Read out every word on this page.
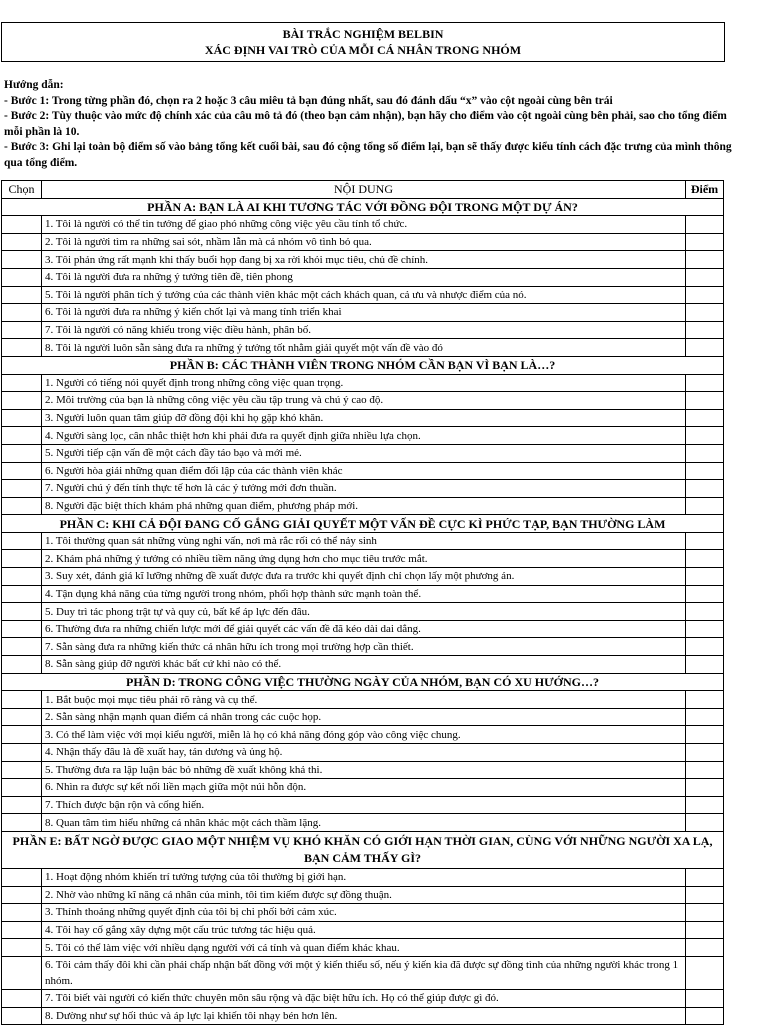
BÀI TRẮC NGHIỆM BELBIN
XÁC ĐỊNH VAI TRÒ CỦA MỖI CÁ NHÂN TRONG NHÓM
Hướng dẫn:
- Bước 1: Trong từng phần đó, chọn ra 2 hoặc 3 câu miêu tả bạn đúng nhất, sau đó đánh dấu “x” vào cột ngoài cùng bên trái
- Bước 2: Tùy thuộc vào mức độ chính xác của câu mô tả đó (theo bạn cảm nhận), bạn hãy cho điểm vào cột ngoài cùng bên phải, sao cho tổng điểm mỗi phần là 10.
- Bước 3: Ghi lại toàn bộ điểm số vào bảng tổng kết cuối bài, sau đó cộng tổng số điểm lại, bạn sẽ thấy được kiểu tính cách đặc trưng của mình thông qua tổng điểm.
Chọn	NỘI DUNG	Điểm
PHẦN A: BẠN LÀ AI KHI TƯƠNG TÁC VỚI ĐỒNG ĐỘI TRONG MỘT DỰ ÁN?		
	1. Tôi là người có thể tin tưởng để giao phó những công việc yêu cầu tính tổ chức.	
	2. Tôi là người tìm ra những sai sót, nhầm lẫn mà cả nhóm vô tình bỏ qua.	
	3. Tôi phản ứng rất mạnh khi thấy buổi họp đang bị xa rời khỏi mục tiêu, chủ đề chính.	
	4. Tôi là người đưa ra những ý tưởng tiên đề, tiên phong	
	5. Tôi là người phân tích ý tưởng của các thành viên khác một cách khách quan, cả ưu và nhược điểm của nó.	
	6. Tôi là người đưa ra những ý kiến chốt lại và mang tính triển khai	
	7. Tôi là người có năng khiếu trong việc điều hành, phân bố.	
	8. Tôi là người luôn sẵn sàng đưa ra những ý tưởng tốt nhằm giải quyết một vấn đề vào đó	
PHẦN B: CÁC THÀNH VIÊN TRONG NHÓM CẦN BẠN VÌ BẠN LÀ…?		
	1. Người có tiếng nói quyết định trong những công việc quan trọng.	
	2. Môi trường của bạn là những công việc yêu cầu tập trung và chú ý cao độ.	
	3. Người luôn quan tâm giúp đỡ đồng đội khi họ gặp khó khăn.	
	4. Người sàng lọc, cân nhắc thiệt hơn khi phải đưa ra quyết định giữa nhiều lựa chọn.	
	5. Người tiếp cận vấn đề một cách đầy táo bạo và mới mẻ.	
	6. Người hòa giải những quan điểm đối lập của các thành viên khác	
	7. Người chú ý đến tính thực tế hơn là các ý tưởng mới đơn thuần.	
	8. Người đặc biệt thích khám phá những quan điểm, phương pháp mới.	
PHẦN C: KHI CẢ ĐỘI ĐANG CỐ GẮNG GIẢI QUYẾT MỘT VẤN ĐỀ CỰC KÌ PHỨC TẠP, BẠN THƯỜNG LÀM		
	1. Tôi thường quan sát những vùng nghi vấn, nơi mà rắc rối có thể nảy sinh	
	2. Khám phá những ý tưởng có nhiều tiềm năng ứng dụng hơn cho mục tiêu trước mắt.	
	3. Suy xét, đánh giá kĩ lưỡng những đề xuất được đưa ra trước khi quyết định chỉ chọn lấy một phương án.	
	4. Tận dụng khả năng của từng người trong nhóm, phối hợp thành sức mạnh toàn thể.	
	5. Duy trì tác phong trật tự và quy củ, bất kể áp lực đến đâu.	
	6. Thường đưa ra những chiến lược mới để giải quyết các vấn đề đã kéo dài dai dẳng.	
	7. Sẵn sàng đưa ra những kiến thức cá nhân hữu ích trong mọi trường hợp cần thiết.	
	8. Sẵn sàng giúp đỡ người khác bất cứ khi nào có thể.	
PHẦN D: TRONG CÔNG VIỆC THƯỜNG NGÀY CỦA NHÓM, BẠN CÓ XU HƯỚNG…?		
	1. Bắt buộc mọi mục tiêu phải rõ ràng và cụ thể.	
	2. Sẵn sàng nhận mạnh quan điểm cá nhân trong các cuộc họp.	
	3. Có thể làm việc với mọi kiểu người, miễn là họ có khả năng đóng góp vào công việc chung.	
	4. Nhận thấy đâu là đề xuất hay, tán dương và ủng hộ.	
	5. Thường đưa ra lập luận bác bỏ những đề xuất không khả thi.	
	6. Nhìn ra được sự kết nối liền mạch giữa một núi hỗn độn.	
	7. Thích được bận rộn và cống hiến.	
	8. Quan tâm tìm hiểu những cá nhân khác một cách thầm lặng.	
PHẦN E: BẤT NGỜ ĐƯỢC GIAO MỘT NHIỆM VỤ KHÓ KHĂN CÓ GIỚI HẠN THỜI GIAN, CÙNG VỚI NHỮNG NGƯỜI XA LẠ, BẠN CẢM THẤY GÌ?		
	1. Hoạt động nhóm khiến trí tưởng tượng của tôi thường bị giới hạn.	
	2. Nhờ vào những kĩ năng cá nhân của mình, tôi tìm kiếm được sự đồng thuận.	
	3. Thỉnh thoảng những quyết định của tôi bị chi phối bởi cảm xúc.	
	4. Tôi hay cố gắng xây dựng một cấu trúc tương tác hiệu quả.	
	5. Tôi có thể làm việc với nhiều dạng người với cá tính và quan điểm khác khau.	
	6. Tôi cảm thấy đôi khi cần phải chấp nhận bất đồng với một ý kiến thiểu số, nếu ý kiến kia đã được sự đồng tình của những người khác trong 1 nhóm.	
	7. Tôi biết vài người có kiến thức chuyên môn sâu rộng và đặc biệt hữu ích. Họ có thể giúp được gì đó.	
	8. Dường như sự hối thúc và áp lực lại khiến tôi nhạy bén hơn lên.	
